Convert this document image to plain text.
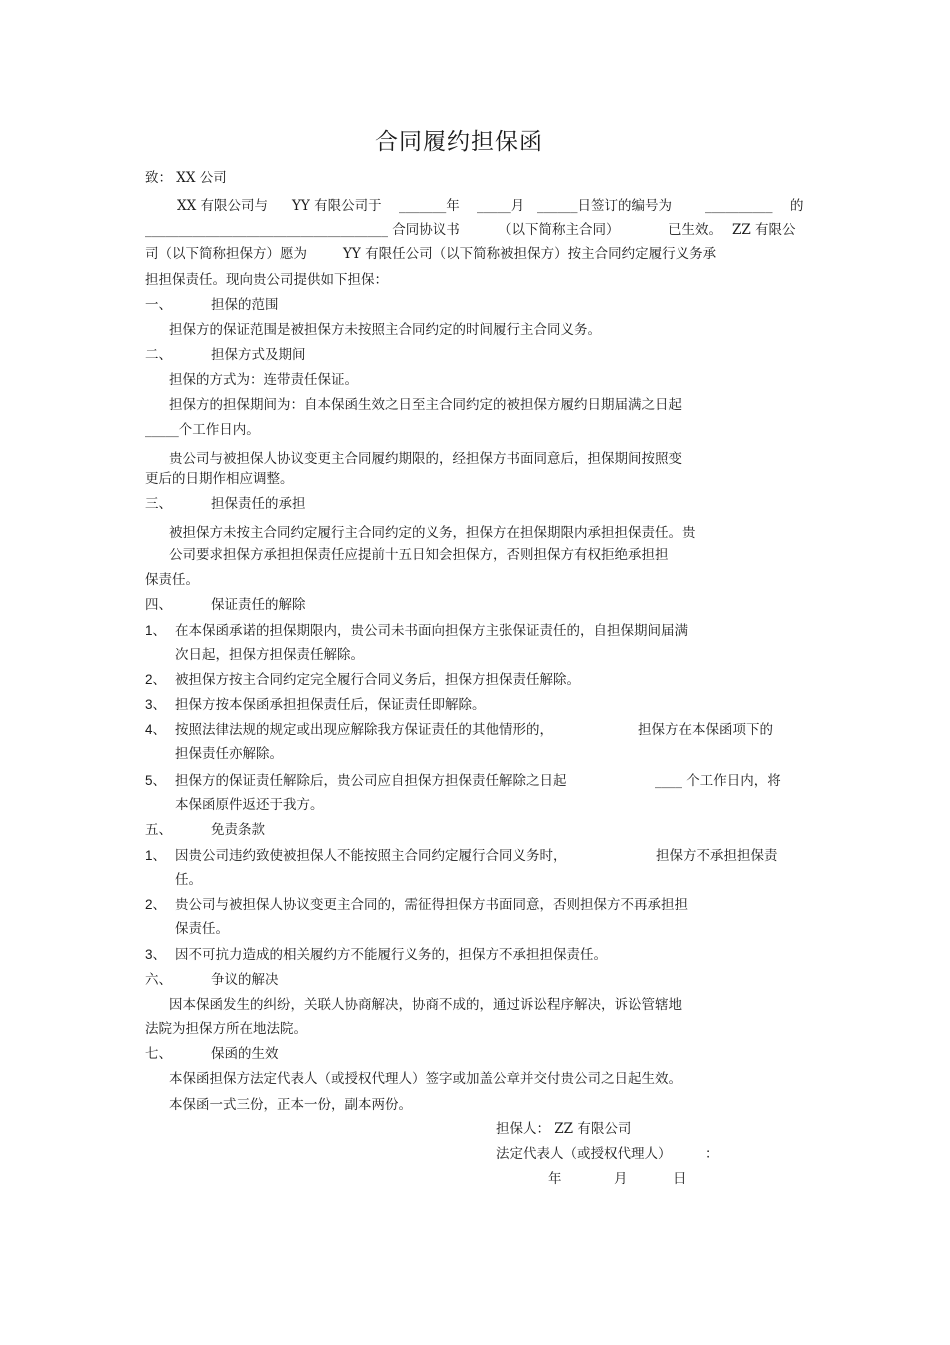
合同履约担保函
致： XX 公司
XX 有限公司与 YY 有限公司于 _______年 _____月 ______日签订的编号为 __________ 的
____________________________________ 合同协议书	（以下简称主合同）	已生效。 ZZ 有限公
司（以下简称担保方）愿为	YY 有限任公司（以下简称被担保方）按主合同约定履行义务承
担担保责任。现向贵公司提供如下担保：
一、	担保的范围
担保方的保证范围是被担保方未按照主合同约定的时间履行主合同义务。
二、	担保方式及期间
担保的方式为：连带责任保证。
担保方的担保期间为：自本保函生效之日至主合同约定的被担保方履约日期届满之日起
_____个工作日内。
贵公司与被担保人协议变更主合同履约期限的，经担保方书面同意后，担保期间按照变
更后的日期作相应调整。
三、	担保责任的承担
被担保方未按主合同约定履行主合同约定的义务，担保方在担保期限内承担担保责任。贵
公司要求担保方承担担保责任应提前十五日知会担保方，否则担保方有权拒绝承担担
保责任。
四、	保证责任的解除
1、 在本保函承诺的担保期限内，贵公司未书面向担保方主张保证责任的，自担保期间届满
次日起，担保方担保责任解除。
2、 被担保方按主合同约定完全履行合同义务后，担保方担保责任解除。
3、 担保方按本保函承担担保责任后，保证责任即解除。
4、 按照法律法规的规定或出现应解除我方保证责任的其他情形的，	担保方在本保函项下的
担保责任亦解除。
5、 担保方的保证责任解除后，贵公司应自担保方担保责任解除之日起	____ 个工作日内，将
本保函原件返还于我方。
五、	免责条款
1、 因贵公司违约致使被担保人不能按照主合同约定履行合同义务时，	担保方不承担担保责
任。
2、 贵公司与被担保人协议变更主合同的，需征得担保方书面同意，否则担保方不再承担担
保责任。
3、 因不可抗力造成的相关履约方不能履行义务的，担保方不承担担保责任。
六、	争议的解决
因本保函发生的纠纷，关联人协商解决，协商不成的，通过诉讼程序解决，诉讼管辖地
法院为担保方所在地法院。
七、	保函的生效
本保函担保方法定代表人（或授权代理人）签字或加盖公章并交付贵公司之日起生效。
本保函一式三份，正本一份，副本两份。
担保人： ZZ 有限公司
法定代表人（或授权代理人） ：
年	月	日
